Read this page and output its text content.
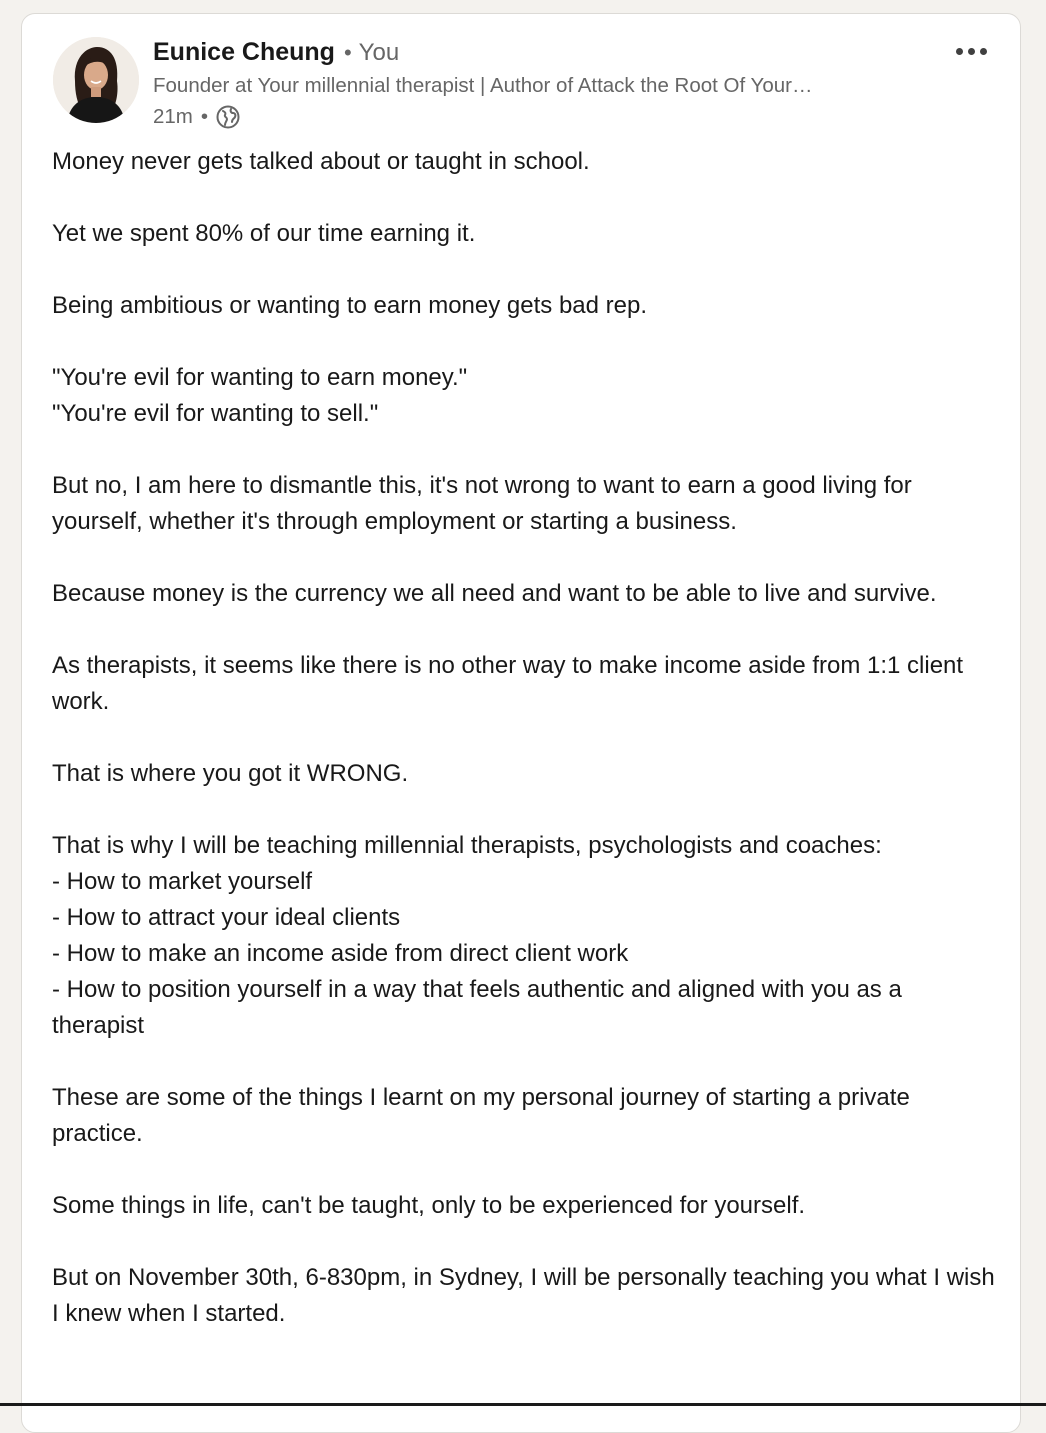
Eunice Cheung • You
Founder at Your millennial therapist | Author of Attack the Root Of Your…
21m •

Money never gets talked about or taught in school.

Yet we spent 80% of our time earning it.

Being ambitious or wanting to earn money gets bad rep.

"You're evil for wanting to earn money."
"You're evil for wanting to sell."

But no, I am here to dismantle this, it's not wrong to want to earn a good living for yourself, whether it's through employment or starting a business.

Because money is the currency we all need and want to be able to live and survive.

As therapists, it seems like there is no other way to make income aside from 1:1 client work.

That is where you got it WRONG.

That is why I will be teaching millennial therapists, psychologists and coaches:
- How to market yourself
- How to attract your ideal clients
- How to make an income aside from direct client work
- How to position yourself in a way that feels authentic and aligned with you as a therapist

These are some of the things I learnt on my personal journey of starting a private practice.

Some things in life, can't be taught, only to be experienced for yourself.

But on November 30th, 6-830pm, in Sydney, I will be personally teaching you what I wish I knew when I started.
